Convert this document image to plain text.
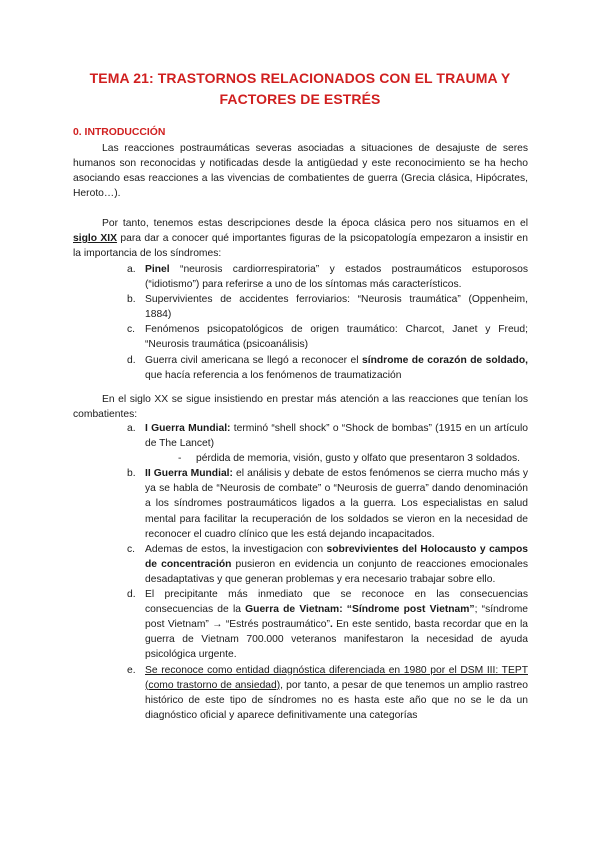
TEMA 21: TRASTORNOS RELACIONADOS CON EL TRAUMA Y
FACTORES DE ESTRÉS
0. INTRODUCCIÓN

Las reacciones postraumáticas severas asociadas a situaciones de desajuste de seres humanos son reconocidas y notificadas desde la antigüedad y este reconocimiento se ha hecho asociando esas reacciones a las vivencias de combatientes de guerra (Grecia clásica, Hipócrates, Heroto…).

Por tanto, tenemos estas descripciones desde la época clásica pero nos situamos en el siglo XIX para dar a conocer qué importantes figuras de la psicopatología empezaron a insistir en la importancia de los síndromes:

a. Pinel “neurosis cardiorrespiratoria” y estados postraumáticos estuporosos (“idiotismo”) para referirse a uno de los síntomas más característicos.
b. Supervivientes de accidentes ferroviarios: “Neurosis traumática” (Oppenheim, 1884)
c. Fenómenos psicopatológicos de origen traumático: Charcot, Janet y Freud; “Neurosis traumática (psicoanálisis)
d. Guerra civil americana se llegó a reconocer el síndrome de corazón de soldado, que hacía referencia a los fenómenos de traumatización

En el siglo XX se sigue insistiendo en prestar más atención a las reacciones que tenían los combatientes:

a. I Guerra Mundial: terminó “shell shock” o “Shock de bombas” (1915 en un artículo de The Lancet)
- pérdida de memoria, visión, gusto y olfato que presentaron 3 soldados.
b. II Guerra Mundial: el análisis y debate de estos fenómenos se cierra mucho más y ya se habla de “Neurosis de combate” o “Neurosis de guerra” dando denominación a los síndromes postraumáticos ligados a la guerra. Los especialistas en salud mental para facilitar la recuperación de los soldados se vieron en la necesidad de reconocer el cuadro clínico que les está dejando incapacitados.
c. Ademas de estos, la investigacion con sobrevivientes del Holocausto y campos de concentración pusieron en evidencia un conjunto de reacciones emocionales desadaptativas y que generan problemas y era necesario trabajar sobre ello.
d. El precipitante más inmediato que se reconoce en las consecuencias consecuencias de la Guerra de Vietnam: “Síndrome post Vietnam”; “síndrome post Vietnam” → “Estrés postraumático”. En este sentido, basta recordar que en la guerra de Vietnam 700.000 veteranos manifestaron la necesidad de ayuda psicológica urgente.
e. Se reconoce como entidad diagnóstica diferenciada en 1980 por el DSM III: TEPT (como trastorno de ansiedad), por tanto, a pesar de que tenemos un amplio rastreo histórico de este tipo de síndromes no es hasta este año que no se le da un diagnóstico oficial y aparece definitivamente una categorías
